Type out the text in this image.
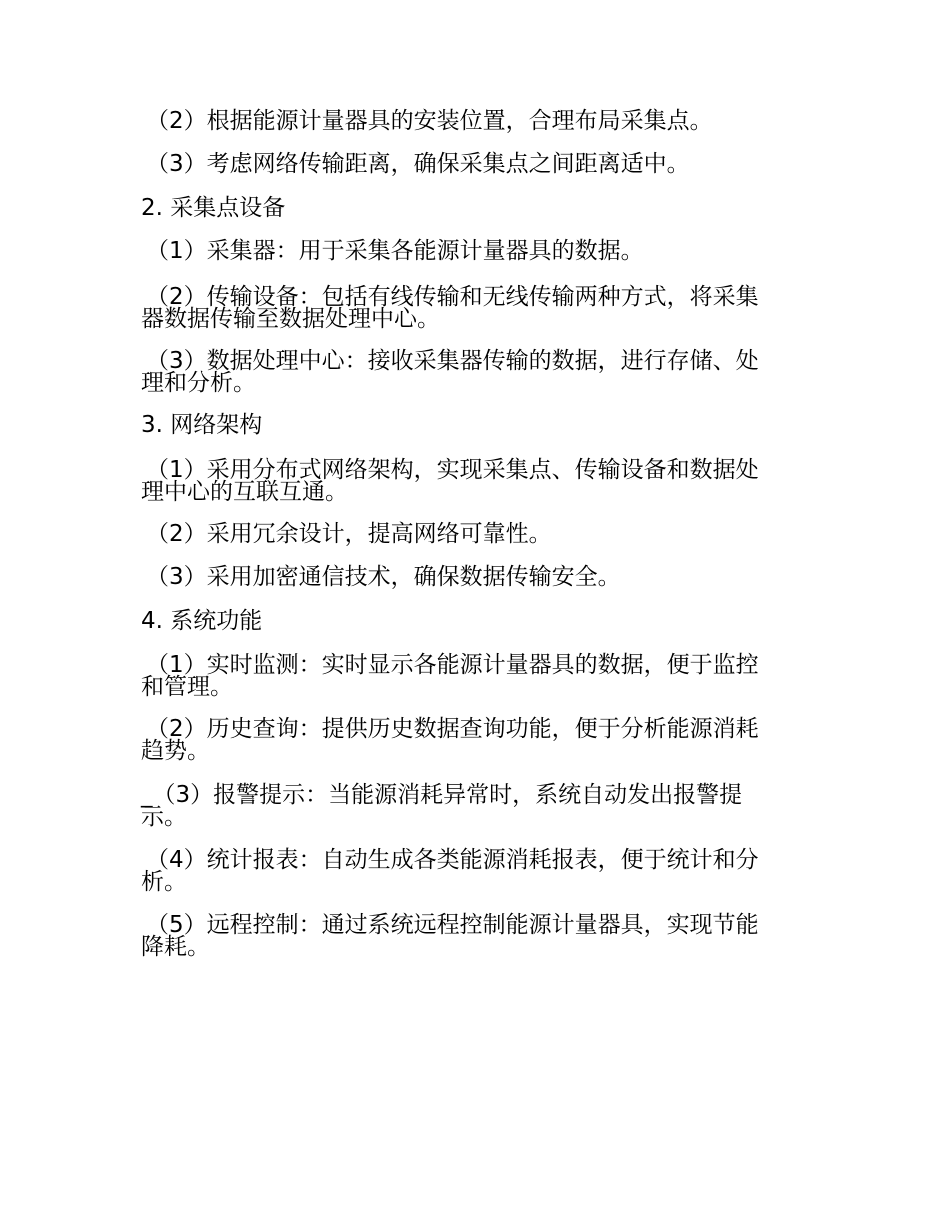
（2）根据能源计量器具的安装位置，合理布局采集点。
（3）考虑网络传输距离，确保采集点之间距离适中。
2. 采集点设备
（1）采集器：用于采集各能源计量器具的数据。
（2）传输设备：包括有线传输和无线传输两种方式，将采集
器数据传输至数据处理中心。
（3）数据处理中心：接收采集器传输的数据，进行存储、处
理和分析。
3. 网络架构
（1）采用分布式网络架构，实现采集点、传输设备和数据处
理中心的互联互通。
（2）采用冗余设计，提高网络可靠性。
（3）采用加密通信技术，确保数据传输安全。
4. 系统功能
（1）实时监测：实时显示各能源计量器具的数据，便于监控
和管理。
（2）历史查询：提供历史数据查询功能，便于分析能源消耗
趋势。
_（3）报警提示：当能源消耗异常时，系统自动发出报警提
示。
（4）统计报表：自动生成各类能源消耗报表，便于统计和分
析。
（5）远程控制：通过系统远程控制能源计量器具，实现节能
降耗。
